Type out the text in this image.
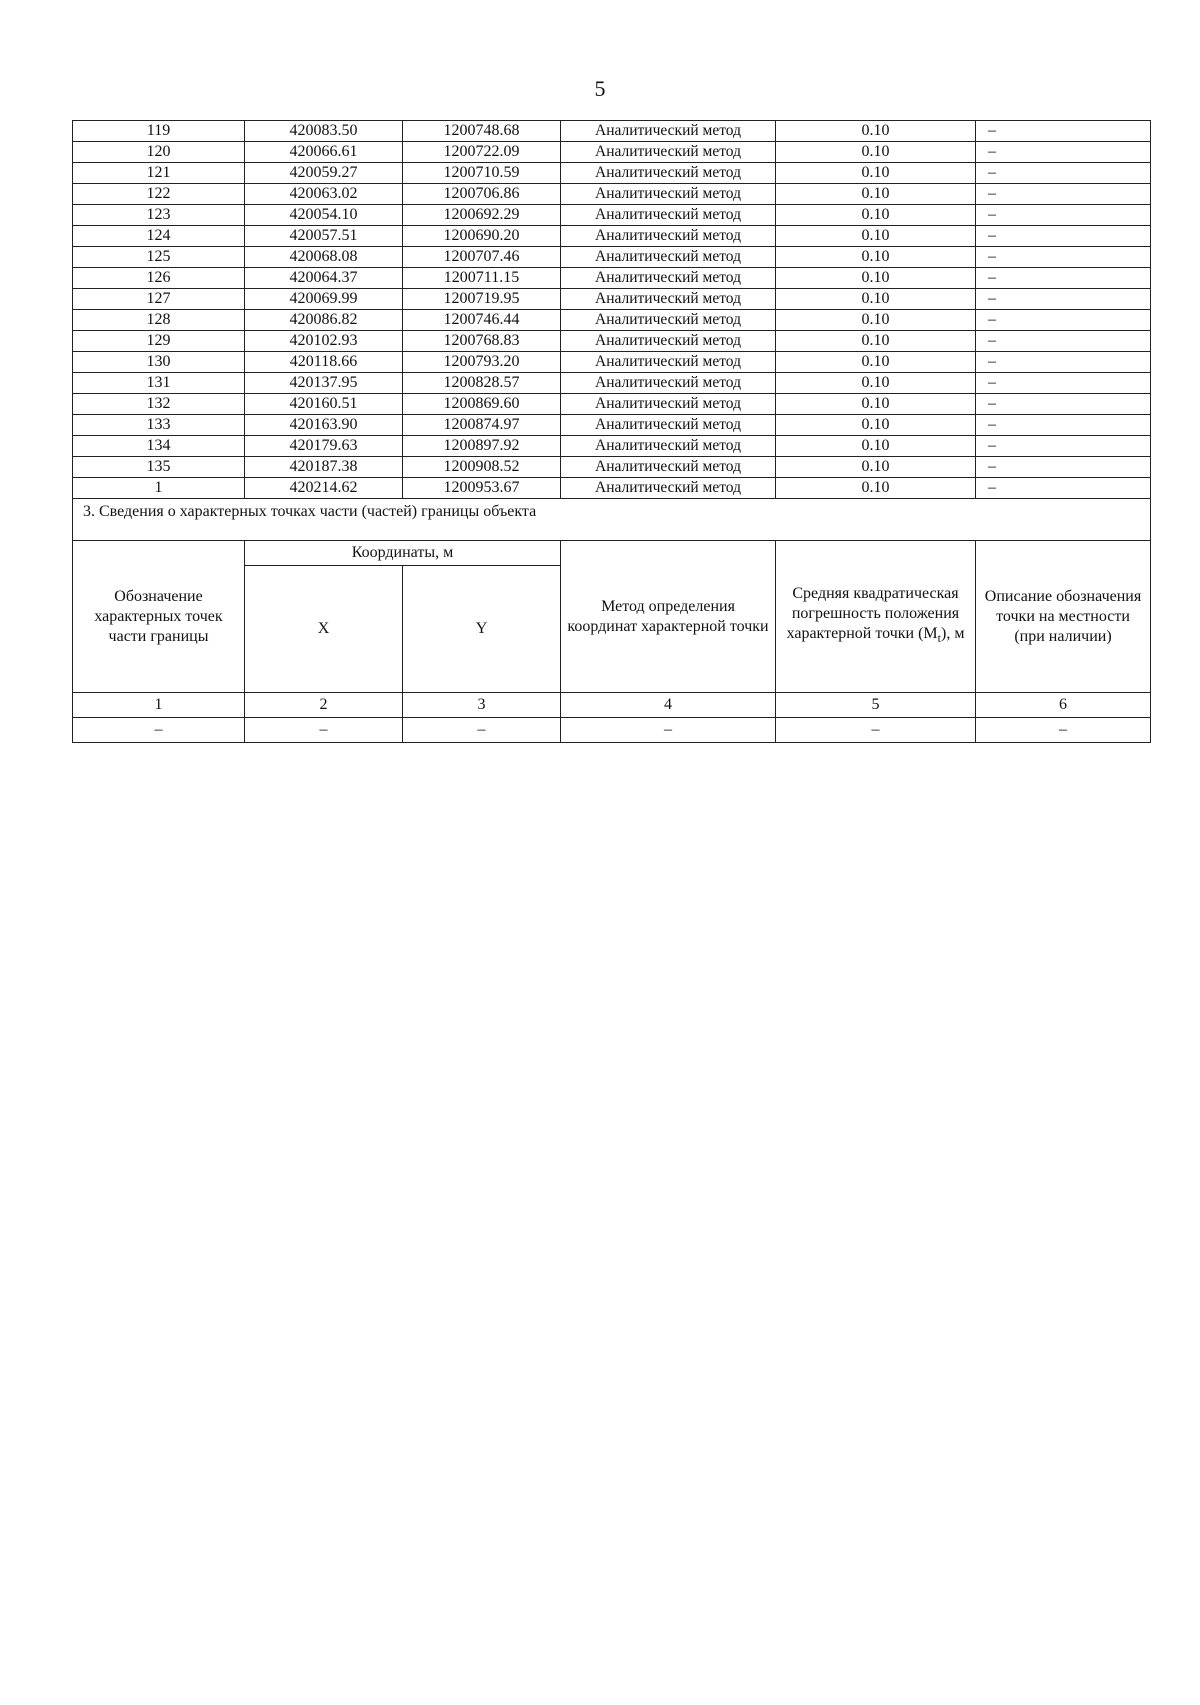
5
119	420083.50	1200748.68	Аналитический метод	0.10	–
120	420066.61	1200722.09	Аналитический метод	0.10	–
121	420059.27	1200710.59	Аналитический метод	0.10	–
122	420063.02	1200706.86	Аналитический метод	0.10	–
123	420054.10	1200692.29	Аналитический метод	0.10	–
124	420057.51	1200690.20	Аналитический метод	0.10	–
125	420068.08	1200707.46	Аналитический метод	0.10	–
126	420064.37	1200711.15	Аналитический метод	0.10	–
127	420069.99	1200719.95	Аналитический метод	0.10	–
128	420086.82	1200746.44	Аналитический метод	0.10	–
129	420102.93	1200768.83	Аналитический метод	0.10	–
130	420118.66	1200793.20	Аналитический метод	0.10	–
131	420137.95	1200828.57	Аналитический метод	0.10	–
132	420160.51	1200869.60	Аналитический метод	0.10	–
133	420163.90	1200874.97	Аналитический метод	0.10	–
134	420179.63	1200897.92	Аналитический метод	0.10	–
135	420187.38	1200908.52	Аналитический метод	0.10	–
1	420214.62	1200953.67	Аналитический метод	0.10	–
3. Сведения о характерных точках части (частей) границы объекта					
Обозначение характерных точек части границы	Координаты, м		Метод определения координат характерной точки	Средняя квадратическая погрешность положения характерной точки $(M_t)$, м	Описание обозначения точки на местности (при наличии)
	X	Y			
1	2	3	4	5	6
–	–	–	–	–	–
